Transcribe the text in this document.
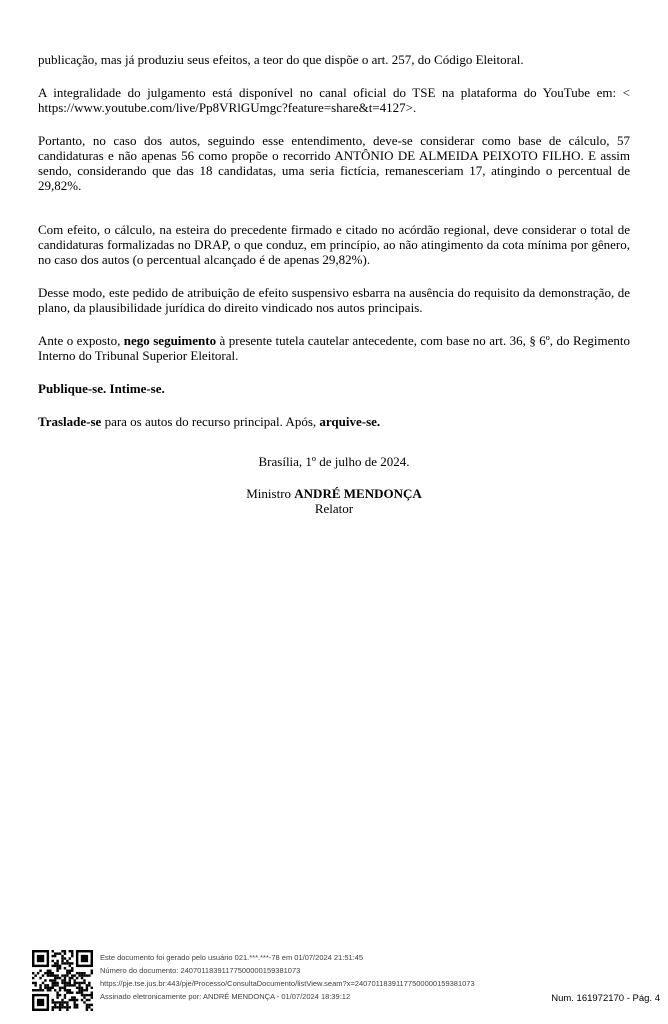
publicação, mas já produziu seus efeitos, a teor do que dispõe o art. 257, do Código Eleitoral.

A integralidade do julgamento está disponível no canal oficial do TSE na plataforma do YouTube em: < https://www.youtube.com/live/Pp8VRlGUmgc?feature=share&t=4127>.

Portanto, no caso dos autos, seguindo esse entendimento, deve-se considerar como base de cálculo, 57 candidaturas e não apenas 56 como propõe o recorrido ANTÔNIO DE ALMEIDA PEIXOTO FILHO. E assim sendo, considerando que das 18 candidatas, uma seria fictícia, remanesceriam 17, atingindo o percentual de 29,82%.

Com efeito, o cálculo, na esteira do precedente firmado e citado no acórdão regional, deve considerar o total de candidaturas formalizadas no DRAP, o que conduz, em princípio, ao não atingimento da cota mínima por gênero, no caso dos autos (o percentual alcançado é de apenas 29,82%).

Desse modo, este pedido de atribuição de efeito suspensivo esbarra na ausência do requisito da demonstração, de plano, da plausibilidade jurídica do direito vindicado nos autos principais.

Ante o exposto, nego seguimento à presente tutela cautelar antecedente, com base no art. 36, § 6º, do Regimento Interno do Tribunal Superior Eleitoral.

Publique-se. Intime-se.

Traslade-se para os autos do recurso principal. Após, arquive-se.

Brasília, 1º de julho de 2024.

Ministro ANDRÉ MENDONÇA

Relator

Este documento foi gerado pelo usuário 021.***.***-78 em 01/07/2024 21:51:45
Número do documento: 24070118391177500000159381073
https://pje.tse.jus.br:443/pje/Processo/ConsultaDocumento/listView.seam?x=24070118391177500000159381073
Assinado eletronicamente por: ANDRÉ MENDONÇA - 01/07/2024 18:39:12	Num. 161972170 - Pág. 4
